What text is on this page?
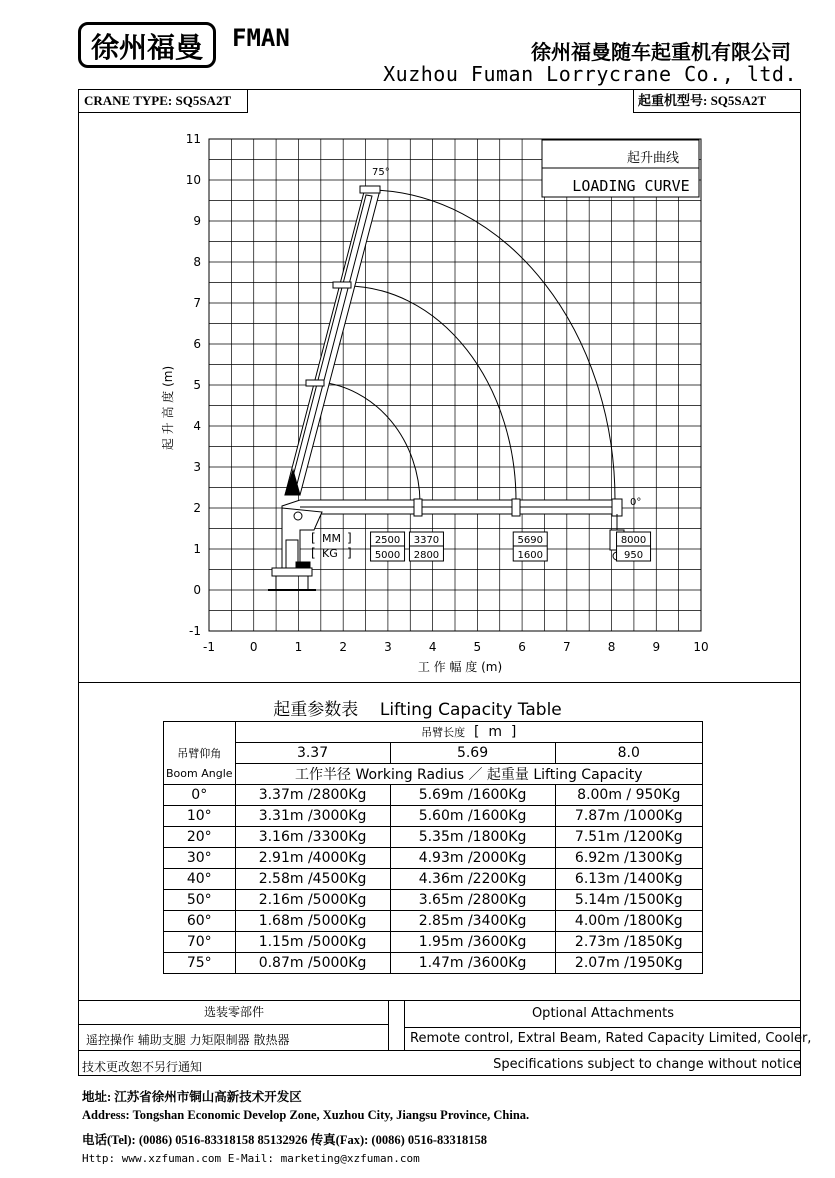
徐州福曼	FMAN	徐州福曼随车起重机有限公司
Xuzhou Fuman Lorrycrane Co., ltd.
CRANE TYPE: SQ5SA2T	起重机型号: SQ5SA2T
-1	0	1	2	3	4	5	6	7	8	9	10
-1
0
1
2
3
4
5
6
7
8
9
10
11
工 作 幅 度 (m)
起 升 高 度 (m)
起升曲线
LOADING CURVE
75°
0°
MM
KG
[
[
]
]
2500
5000
3370
2800
5690
1600
8000
950
起重参数表 Lifting Capacity Table
	吊臂长度  [  m  ]		
吊臂仰角	3.37	5.69	8.0
Boom Angle	工作半径 Working Radius ／ 起重量 Lifting Capacity		
0°	3.37m /2800Kg	5.69m /1600Kg	8.00m / 950Kg
10°	3.31m /3000Kg	5.60m /1600Kg	7.87m /1000Kg
20°	3.16m /3300Kg	5.35m /1800Kg	7.51m /1200Kg
30°	2.91m /4000Kg	4.93m /2000Kg	6.92m /1300Kg
40°	2.58m /4500Kg	4.36m /2200Kg	6.13m /1400Kg
50°	2.16m /5000Kg	3.65m /2800Kg	5.14m /1500Kg
60°	1.68m /5000Kg	2.85m /3400Kg	4.00m /1800Kg
70°	1.15m /5000Kg	1.95m /3600Kg	2.73m /1850Kg
75°	0.87m /5000Kg	1.47m /3600Kg	2.07m /1950Kg
选装零部件	Optional Attachments
遥控操作 辅助支腿 力矩限制器 散热器	Remote control, Extral Beam, Rated Capacity Limited, Cooler,
技术更改恕不另行通知	Specifications subject to change without notice
地址: 江苏省徐州市铜山高新技术开发区
Address: Tongshan Economic Develop Zone, Xuzhou City, Jiangsu Province, China.
电话(Tel): (0086) 0516-83318158 85132926 传真(Fax): (0086) 0516-83318158
Http: www.xzfuman.com E-Mail: marketing@xzfuman.com
